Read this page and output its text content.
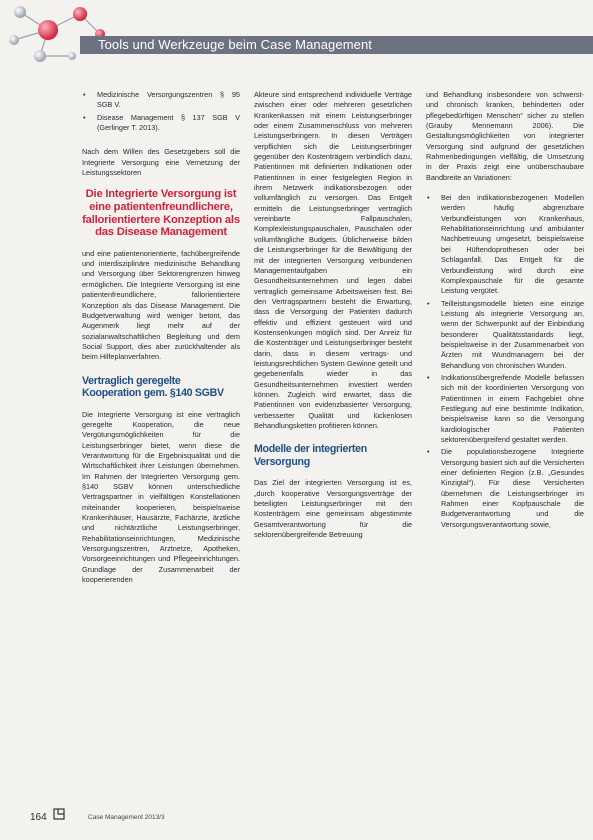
Tools und Werkzeuge beim Case Management
• Medizinische Versorgungszentren § 95 SGB V.
• Disease Management § 137 SGB V (Gerlinger T. 2013).

Nach dem Willen des Gesetzgebers soll die Integrierte Versorgung eine Vernetzung der Leistungssektoren

Die Integrierte Versorgung ist eine patientenfreundlichere, fallorientiertere Konzeption als das Disease Management

und eine patientenorientierte, fachübergreifende und interdisziplinäre medizinische Behandlung und Versorgung über Sektorengrenzen hinweg ermöglichen. Die Integrierte Versorgung ist eine patientenfreundlichere, fallorientiertere Konzeption als das Disease Management. Die Budgetverwaltung wird weniger betont, das Augenmerk liegt mehr auf der sozialanwaltschaftlichen Begleitung und dem Social Support, dies aber zurückhaltender als beim Hilfeplanverfahren.

Vertraglich geregelte Kooperation gem. §140 SGBV

Die Integrierte Versorgung ist eine vertraglich geregelte Kooperation, die neue Vergütungsmöglichkeiten für die Leistungserbringer bietet, wenn diese die Verantwortung für die Ergebnisqualität und die Wirtschaftlichkeit ihrer Leistungen übernehmen. Im Rahmen der Integrierten Versorgung gem. §140 SGBV können unterschiedliche Vertragspartner in vielfältigen Konstellationen miteinander kooperieren, beispielsweise Krankenhäuser, Hausärzte, Fachärzte, ärztliche und nichtärztliche Leistungserbringer, Rehabilitationseinrichtungen, Medizinische Versorgungszentren, Arztnetze, Apotheken, Vorsorgeeinrichtungen und Pflegeeinrichtungen. Grundlage der Zusammenarbeit der kooperierenden

Akteure sind entsprechend individuelle Verträge zwischen einer oder mehreren gesetzlichen Krankenkassen mit einem Leistungserbringer oder einem Zusammenschluss von mehreren Leistungserbringern. In diesen Verträgen verpflichten sich die Leistungserbringer gegenüber den Kostenträgern verbindlich dazu, Patientinnen mit definierten Indikationen oder Patientinnen in einer festgelegten Region in ihrem Netzwerk indikationsbezogen oder vollumfänglich zu versorgen. Das Entgelt ermitteln die Leistungserbringer vertraglich vereinbarte Fallpauschalen, Komplexleistungspauschalen, Pauschalen oder vollumfängliche Budgets. Üblicherweise bilden die Leistungserbringer für die Bewältigung der mit der integrierten Versorgung verbundenen Managementaufgaben ein Gesundheitsunternehmen und legen dabei vertraglich gemeinsame Arbeitsweisen fest. Bei den Vertragspartnern besteht die Erwartung, dass die Versorgung der Patienten dadurch effektiv und effizient gesteuert wird und Kostensenkungen möglich sind. Der Anreiz für die Kostenträger und Leistungserbringer besteht darin, dass in diesem vertrags- und leistungsrechtlichen System Gewinne geteilt und gegebenenfalls wieder in das Gesundheitsunternehmen investiert werden können. Zugleich wird erwartet, dass die Patientinnen von evidenzbasierter Versorgung, verbesserter Qualität und lückenlosen Behandlungsketten profitieren können.

Modelle der integrierten Versorgung

Das Ziel der integrierten Versorgung ist es, „durch kooperative Versorgungsverträge der beteiligten Leistungserbringer mit den Kostenträgern eine gemeinsam abgestimmte Gesamtverantwortung für die sektorenübergreifende Betreuung

und Behandlung insbesondere von schwerst- und chronisch kranken, behinderten oder pflegebedürftigen Menschen“ sicher zu stellen (Grauby Mennemann 2006). Die Gestaltungsmöglichkeiten von integrierter Versorgung sind aufgrund der gesetzlichen Rahmenbedingungen vielfältig, die Umsetzung in der Praxis zeigt eine unüberschaubare Bandbreite an Variationen:

• Bei den indikationsbezogenen Modellen werden häufig abgrenzbare Verbundleistungen von Krankenhaus, Rehabilitationseinrichtung und ambulanter Nachbetreuung umgesetzt, beispielsweise bei Hüftendoprothesen oder bei Schlaganfall. Das Entgelt für die Verbundleistung wird durch eine Komplexpauschale für die gesamte Leistung vergütet.
• Teilleistungsmodelle bieten eine einzige Leistung als integrierte Versorgung an, wenn der Schwerpunkt auf der Einbindung besonderer Qualitätsstandards liegt, beispielsweise in der Zusammenarbeit von Ärzten mit Wundmanagern bei der Behandlung von chronischen Wunden.
• Indikationsübergreifende Modelle befassen sich mit der koordinierten Versorgung von Patientinnen in einem Fachgebiet ohne Festlegung auf eine bestimmte Indikation, beispielsweise kann so die Versorgung kardiologischer Patienten sektorenübergreifend gestaltet werden.
• Die populationsbezogene Integrierte Versorgung basiert sich auf die Versicherten einer definierten Region (z.B. „Gesundes Kinzigtal“). Für diese Versicherten übernehmen die Leistungserbringer im Rahmen einer Kopfpauschale die Budgetverantwortung und die Versorgungsverantwortung sowie,
164	Case Management 2013/3
